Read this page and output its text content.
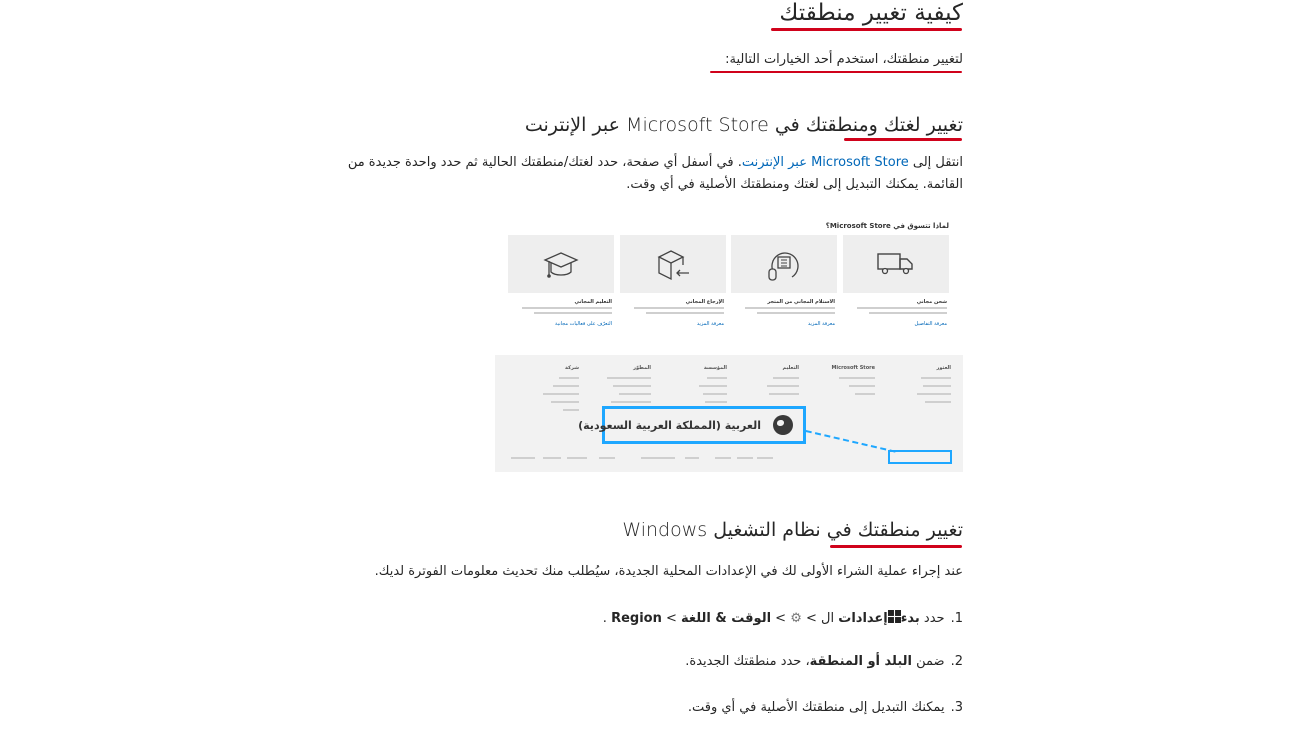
كيفية تغيير منطقتك
لتغيير منطقتك، استخدم أحد الخيارات التالية:
تغيير لغتك ومنطقتك في Microsoft Store عبر الإنترنت
انتقل إلى Microsoft Store عبر الإنترنت. في أسفل أي صفحة، حدد لغتك/منطقتك الحالية ثم حدد واحدة جديدة من القائمة. يمكنك التبديل إلى لغتك ومنطقتك الأصلية في أي وقت.
لماذا تتسوق في Microsoft Store؟
شحن مجاني
معرفة التفاصيل
الاستلام المجاني من المتجر
معرفة المزيد
الإرجاع المجاني
معرفة المزيد
التعليم المجاني
التعرّف على فعاليات مجانية
العثور
Microsoft Store
التعليم
المؤسسة
المطوّر
شركة
العربية (المملكة العربية السعودية)
تغيير منطقتك في نظام التشغيل Windows
عند إجراء عملية الشراء الأولى لك في الإعدادات المحلية الجديدة، سيُطلب منك تحديث معلومات الفوترة لديك.
1.حدد بدءإعدادات ال > ⚙ > الوقت & اللغة > Region .
2.ضمن البلد أو المنطقة، حدد منطقتك الجديدة.
3.يمكنك التبديل إلى منطقتك الأصلية في أي وقت.
